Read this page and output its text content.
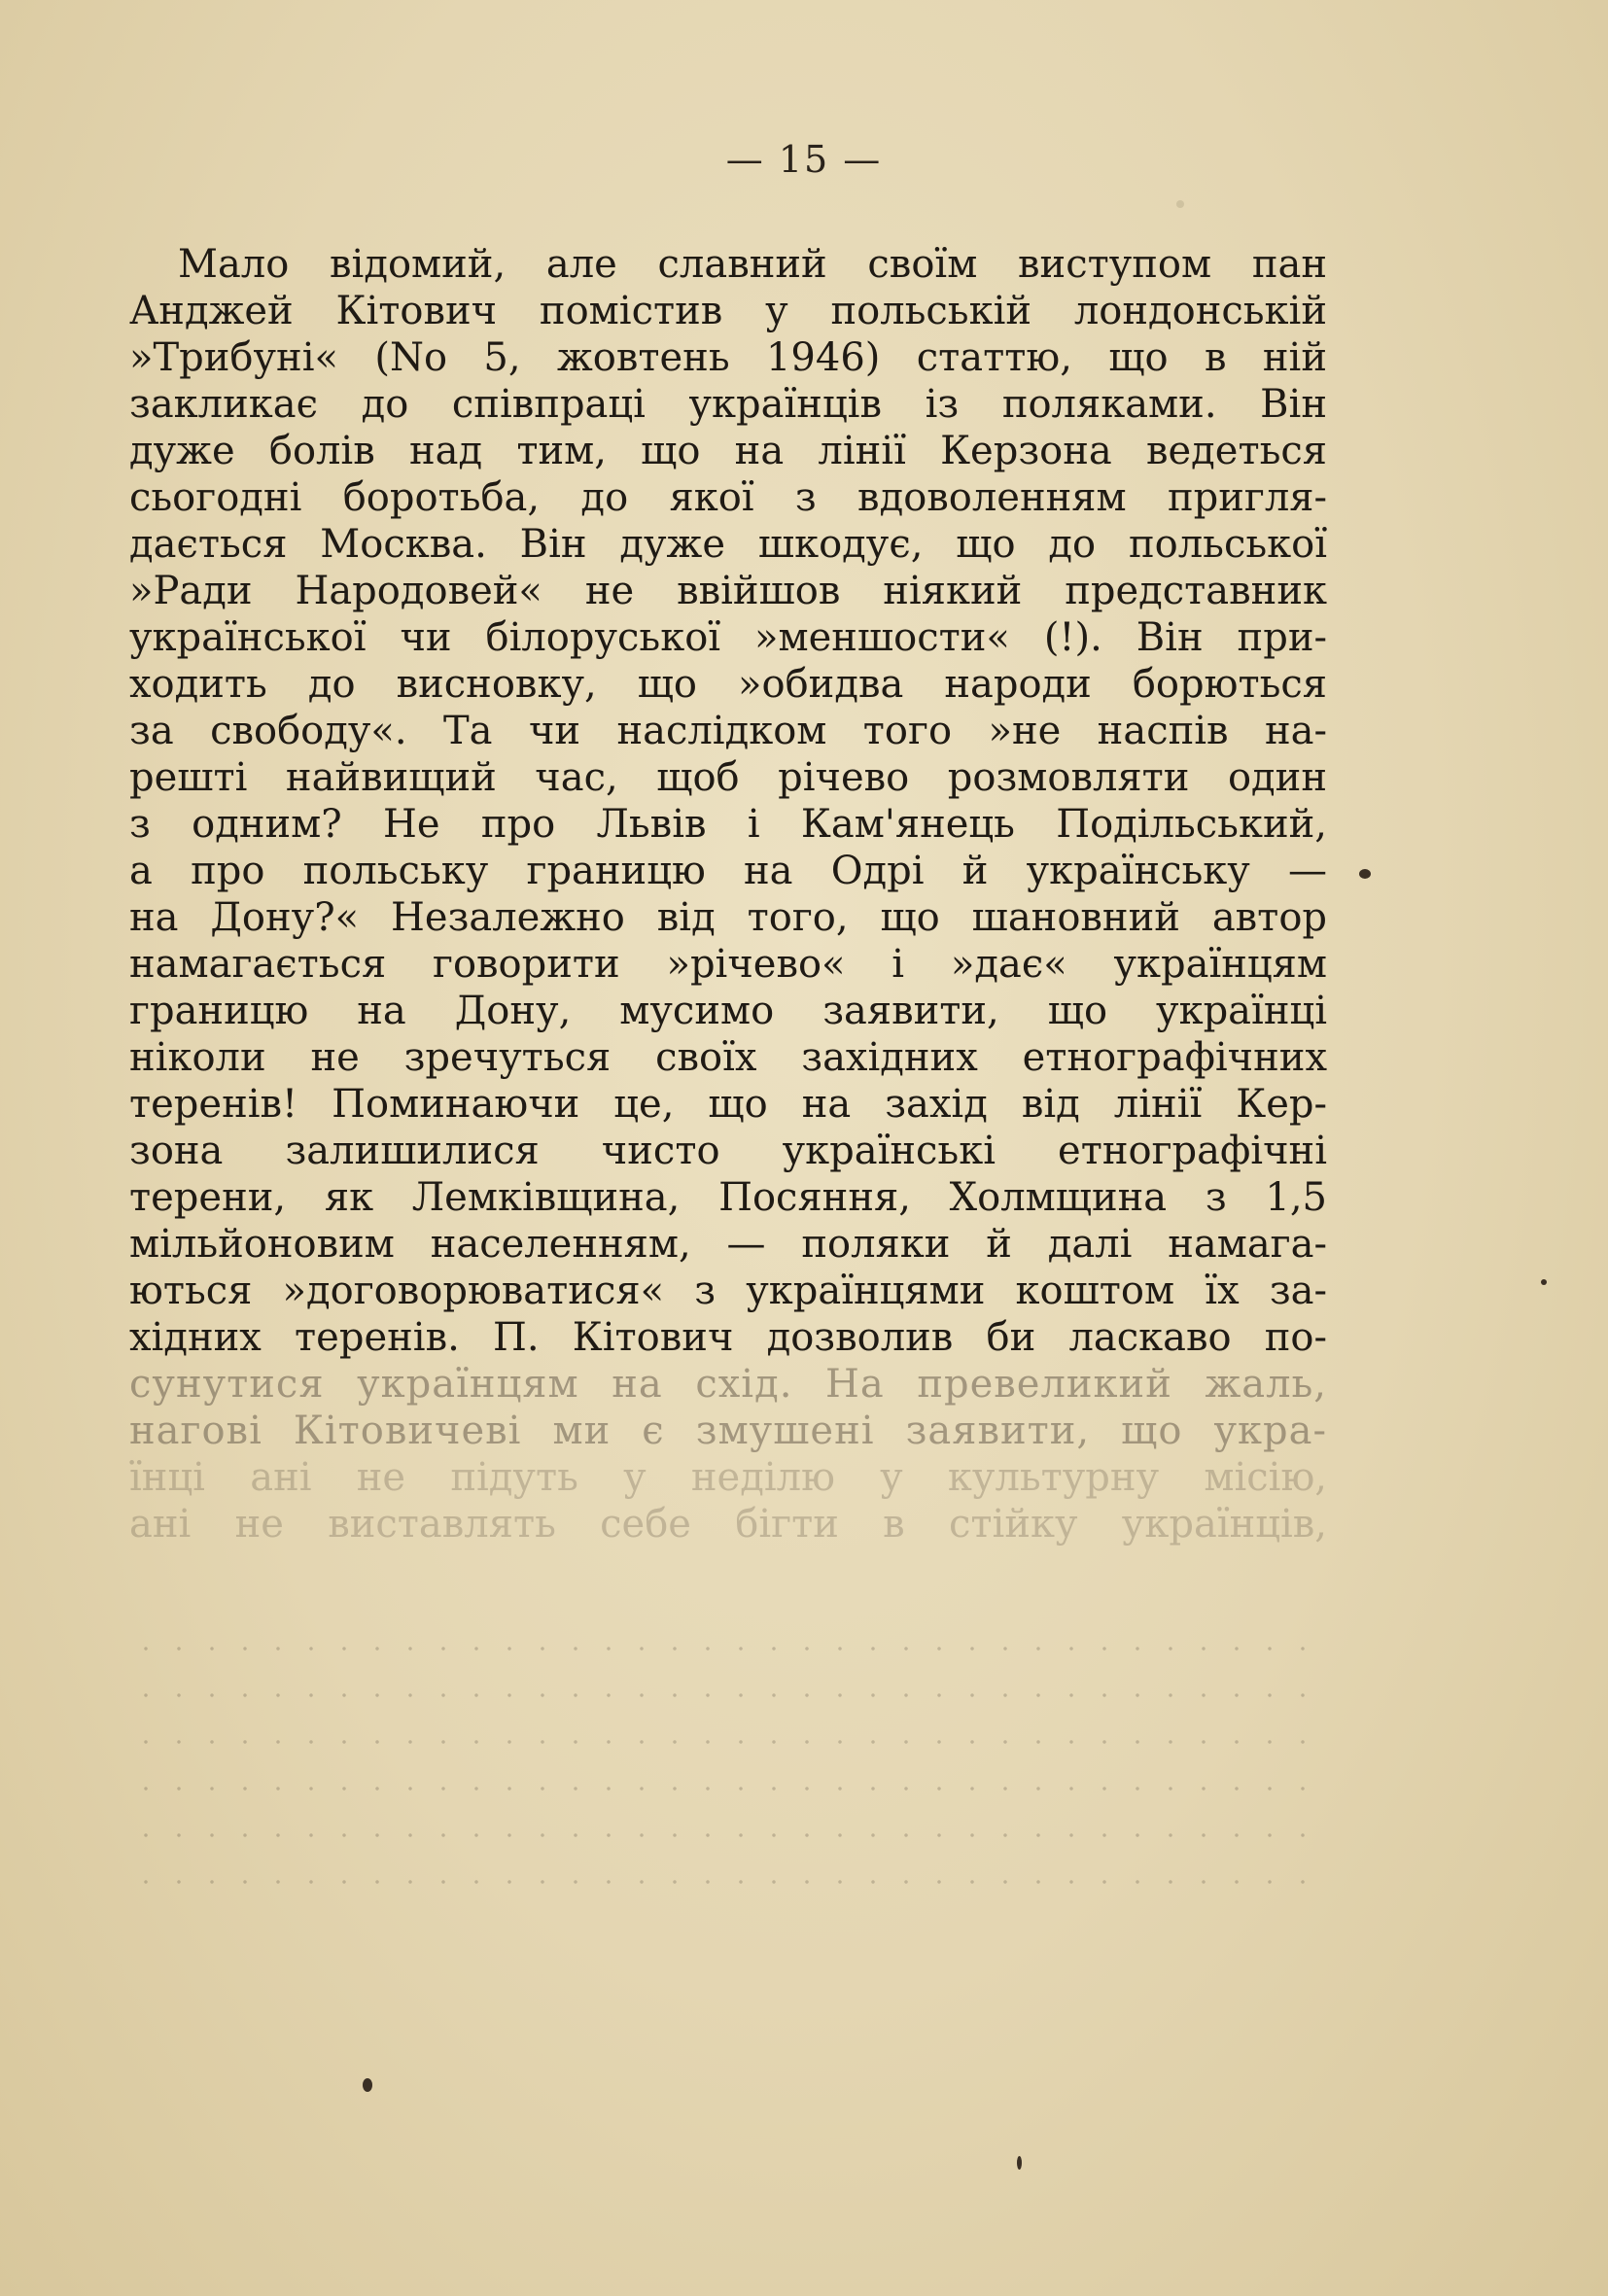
— 15 —
Мало відомий, але славний своїм виступом пан
Анджей Кітович помістив у польській лондонській
»Трибуні« (No 5, жовтень 1946) статтю, що в ній
закликає до співпраці українців із поляками. Він
дуже болів над тим, що на лінії Керзона ведеться
сьогодні боротьба, до якої з вдоволенням пригля-
дається Москва. Він дуже шкодує, що до польської
»Ради Народовей« не ввійшов ніякий представник
української чи білоруської »меншости« (!). Він при-
ходить до висновку, що »обидва народи борються
за свободу«. Та чи наслідком того »не наспів на-
решті найвищий час, щоб річево розмовляти один
з одним? Не про Львів і Кам'янець Подільський,
а про польську границю на Одрі й українську —
на Дону?« Незалежно від того, що шановний автор
намагається говорити »річево« і »дає« українцям
границю на Дону, мусимо заявити, що українці
ніколи не зречуться своїх західних етнографічних
теренів! Поминаючи це, що на захід від лінії Кер-
зона залишилися чисто українські етнографічні
терени, як Лемківщина, Посяння, Холмщина з 1,5
мільйоновим населенням, — поляки й далі намага-
ються »договорюватися« з українцями коштом їх за-
хідних теренів. П. Кітович дозволив би ласкаво по-
сунутися українцям на схід. На превеликий жаль,
нагові Кітовичеві ми є змушені заявити, що укра-
їнці ані не підуть у неділю у культурну місію,
ані не виставлять себе бігти в стійку українців,
